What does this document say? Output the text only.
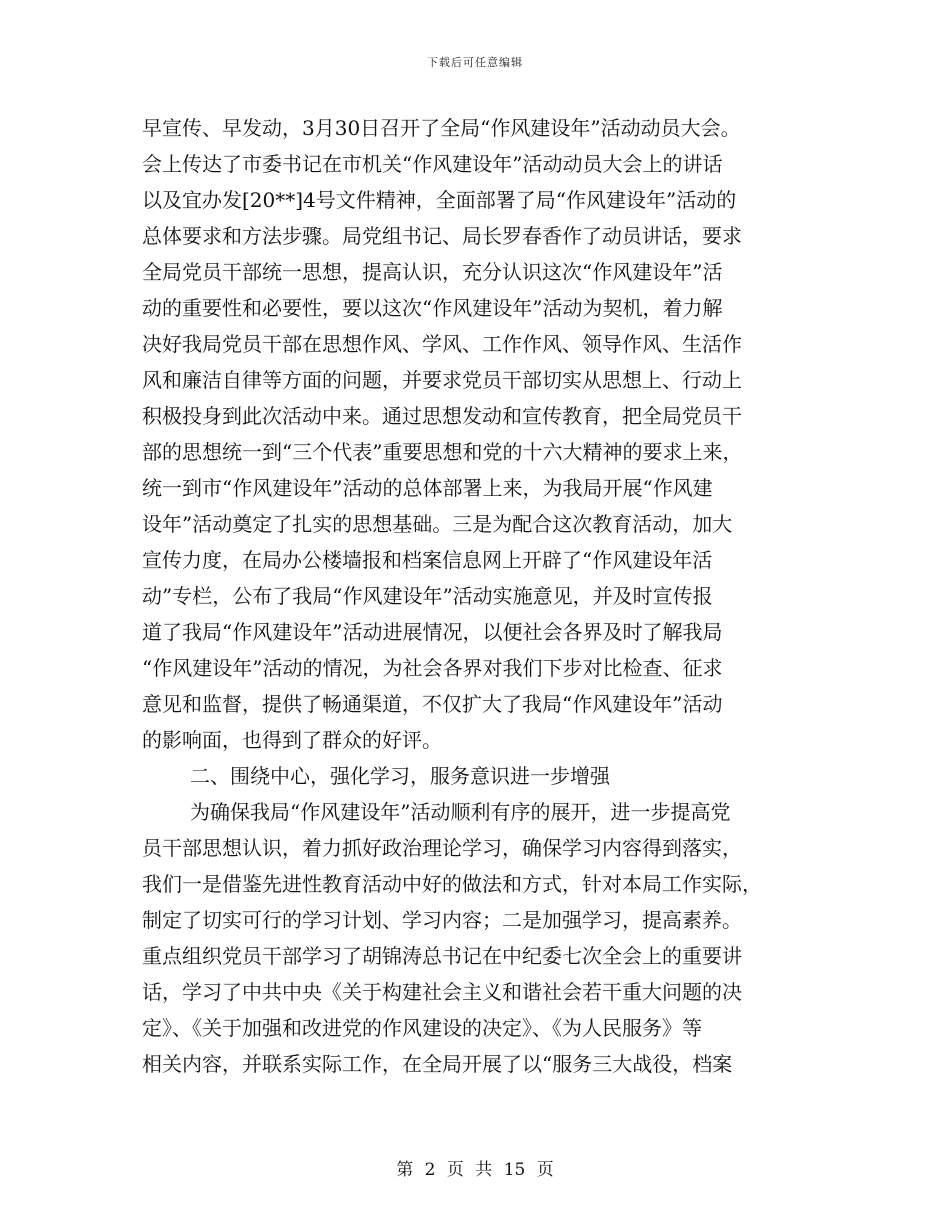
下载后可任意编辑
早宣传、早发动，3月30日召开了全局“作风建设年”活动动员大会。
会上传达了市委书记在市机关“作风建设年”活动动员大会上的讲话
以及宜办发[20**]4号文件精神，全面部署了局“作风建设年”活动的
总体要求和方法步骤。局党组书记、局长罗春香作了动员讲话，要求
全局党员干部统一思想，提高认识，充分认识这次“作风建设年”活
动的重要性和必要性，要以这次“作风建设年”活动为契机，着力解
决好我局党员干部在思想作风、学风、工作作风、领导作风、生活作
风和廉洁自律等方面的问题，并要求党员干部切实从思想上、行动上
积极投身到此次活动中来。通过思想发动和宣传教育，把全局党员干
部的思想统一到“三个代表”重要思想和党的十六大精神的要求上来，
统一到市“作风建设年”活动的总体部署上来，为我局开展“作风建
设年”活动奠定了扎实的思想基础。三是为配合这次教育活动，加大
宣传力度，在局办公楼墙报和档案信息网上开辟了“作风建设年活
动”专栏，公布了我局“作风建设年”活动实施意见，并及时宣传报
道了我局“作风建设年”活动进展情况，以便社会各界及时了解我局
“作风建设年”活动的情况，为社会各界对我们下步对比检查、征求
意见和监督，提供了畅通渠道，不仅扩大了我局“作风建设年”活动
的影响面，也得到了群众的好评。
二、围绕中心，强化学习，服务意识进一步增强
为确保我局“作风建设年”活动顺利有序的展开，进一步提高党
员干部思想认识，着力抓好政治理论学习，确保学习内容得到落实，
我们一是借鉴先进性教育活动中好的做法和方式，针对本局工作实际，
制定了切实可行的学习计划、学习内容；二是加强学习，提高素养。
重点组织党员干部学习了胡锦涛总书记在中纪委七次全会上的重要讲
话，学习了中共中央《关于构建社会主义和谐社会若干重大问题的决
定》、《关于加强和改进党的作风建设的决定》、《为人民服务》等
相关内容，并联系实际工作，在全局开展了以“服务三大战役，档案
第 2 页 共 15 页
